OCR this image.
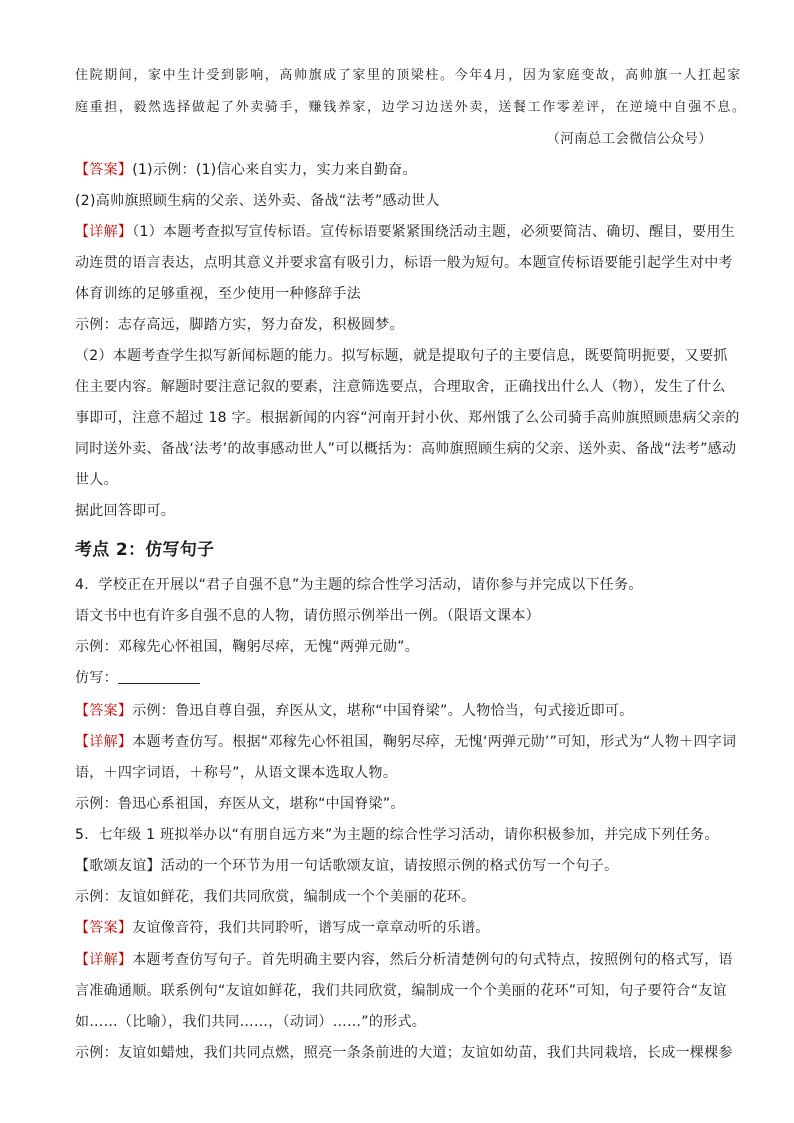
住院期间，家中生计受到影响，高帅旗成了家里的顶梁柱。今年4月，因为家庭变故，高帅旗一人扛起家
庭重担，毅然选择做起了外卖骑手，赚钱养家，边学习边送外卖，送餐工作零差评，在逆境中自强不息。
（河南总工会微信公众号）
【答案】(1)示例：(1)信心来自实力，实力来自勤奋。
(2)高帅旗照顾生病的父亲、送外卖、备战“法考”感动世人
【详解】（1）本题考查拟写宣传标语。宣传标语要紧紧围绕活动主题，必须要简洁、确切、醒目，要用生
动连贯的语言表达，点明其意义并要求富有吸引力，标语一般为短句。本题宣传标语要能引起学生对中考
体育训练的足够重视，至少使用一种修辞手法
示例：志存高远，脚踏方实，努力奋发，积极圆梦。
（2）本题考查学生拟写新闻标题的能力。拟写标题，就是提取句子的主要信息，既要简明扼要，又要抓
住主要内容。解题时要注意记叙的要素，注意筛选要点，合理取舍，正确找出什么人（物），发生了什么
事即可，注意不超过 18 字。根据新闻的内容“河南开封小伙、郑州饿了么公司骑手高帅旗照顾患病父亲的
同时送外卖、备战‘法考’的故事感动世人”可以概括为：高帅旗照顾生病的父亲、送外卖、备战“法考”感动
世人。
据此回答即可。
考点 2：仿写句子
4．学校正在开展以“君子自强不息”为主题的综合性学习活动，请你参与并完成以下任务。
语文书中也有许多自强不息的人物，请仿照示例举出一例。（限语文课本）
示例：邓稼先心怀祖国，鞠躬尽瘁，无愧“两弹元勋”。
仿写：
【答案】示例：鲁迅自尊自强，弃医从文，堪称“中国脊梁”。人物恰当，句式接近即可。
【详解】本题考查仿写。根据“邓稼先心怀祖国，鞠躬尽瘁，无愧‘两弹元勋’”可知，形式为“人物＋四字词
语，＋四字词语，＋称号”，从语文课本选取人物。
示例：鲁迅心系祖国，弃医从文，堪称“中国脊梁”。
5．七年级 1 班拟举办以“有朋自远方来”为主题的综合性学习活动，请你积极参加，并完成下列任务。
【歌颂友谊】活动的一个环节为用一句话歌颂友谊，请按照示例的格式仿写一个句子。
示例：友谊如鲜花，我们共同欣赏，编制成一个个美丽的花环。
【答案】友谊像音符，我们共同聆听，谱写成一章章动听的乐谱。
【详解】本题考查仿写句子。首先明确主要内容，然后分析清楚例句的句式特点，按照例句的格式写，语
言准确通顺。联系例句“友谊如鲜花，我们共同欣赏，编制成一个个美丽的花环”可知，句子要符合“友谊
如……（比喻），我们共同……，（动词）……”的形式。
示例：友谊如蜡烛，我们共同点燃，照亮一条条前进的大道；友谊如幼苗，我们共同栽培，长成一棵棵参
